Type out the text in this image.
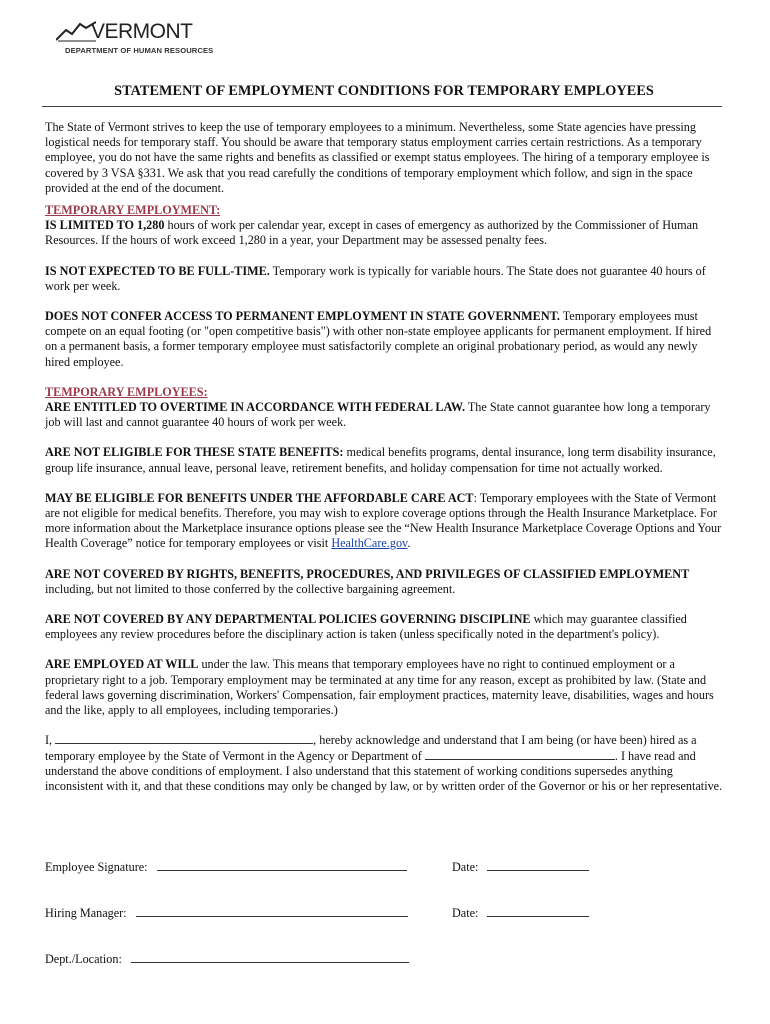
VERMONT
DEPARTMENT OF HUMAN RESOURCES
STATEMENT OF EMPLOYMENT CONDITIONS FOR TEMPORARY EMPLOYEES

The State of Vermont strives to keep the use of temporary employees to a minimum. Nevertheless, some State agencies have pressing logistical needs for temporary staff. You should be aware that temporary status employment carries certain restrictions. As a temporary employee, you do not have the same rights and benefits as classified or exempt status employees. The hiring of a temporary employee is covered by 3 VSA §331. We ask that you read carefully the conditions of temporary employment which follow, and sign in the space provided at the end of the document.

TEMPORARY EMPLOYMENT:

IS LIMITED TO 1,280 hours of work per calendar year, except in cases of emergency as authorized by the Commissioner of Human Resources. If the hours of work exceed 1,280 in a year, your Department may be assessed penalty fees.

IS NOT EXPECTED TO BE FULL-TIME. Temporary work is typically for variable hours. The State does not guarantee 40 hours of work per week.

DOES NOT CONFER ACCESS TO PERMANENT EMPLOYMENT IN STATE GOVERNMENT. Temporary employees must compete on an equal footing (or "open competitive basis") with other non-state employee applicants for permanent employment. If hired on a permanent basis, a former temporary employee must satisfactorily complete an original probationary period, as would any newly hired employee.

TEMPORARY EMPLOYEES:

ARE ENTITLED TO OVERTIME IN ACCORDANCE WITH FEDERAL LAW. The State cannot guarantee how long a temporary job will last and cannot guarantee 40 hours of work per week.

ARE NOT ELIGIBLE FOR THESE STATE BENEFITS: medical benefits programs, dental insurance, long term disability insurance, group life insurance, annual leave, personal leave, retirement benefits, and holiday compensation for time not actually worked.

MAY BE ELIGIBLE FOR BENEFITS UNDER THE AFFORDABLE CARE ACT: Temporary employees with the State of Vermont are not eligible for medical benefits. Therefore, you may wish to explore coverage options through the Health Insurance Marketplace. For more information about the Marketplace insurance options please see the “New Health Insurance Marketplace Coverage Options and Your Health Coverage” notice for temporary employees or visit HealthCare.gov.

ARE NOT COVERED BY RIGHTS, BENEFITS, PROCEDURES, AND PRIVILEGES OF CLASSIFIED EMPLOYMENT including, but not limited to those conferred by the collective bargaining agreement.

ARE NOT COVERED BY ANY DEPARTMENTAL POLICIES GOVERNING DISCIPLINE which may guarantee classified employees any review procedures before the disciplinary action is taken (unless specifically noted in the department's policy).

ARE EMPLOYED AT WILL under the law. This means that temporary employees have no right to continued employment or a proprietary right to a job. Temporary employment may be terminated at any time for any reason, except as prohibited by law. (State and federal laws governing discrimination, Workers' Compensation, fair employment practices, maternity leave, disabilities, wages and hours and the like, apply to all employees, including temporaries.)

I,	, hereby acknowledge and understand that I am being (or have been) hired as a temporary employee by the State of Vermont in the Agency or Department of	. I have read and understand the above conditions of employment. I also understand that this statement of working conditions supersedes anything inconsistent with it, and that these conditions may only be changed by law, or by written order of the Governor or his or her representative.

Employee Signature:	Date:
Hiring Manager:	Date:
Dept./Location:
